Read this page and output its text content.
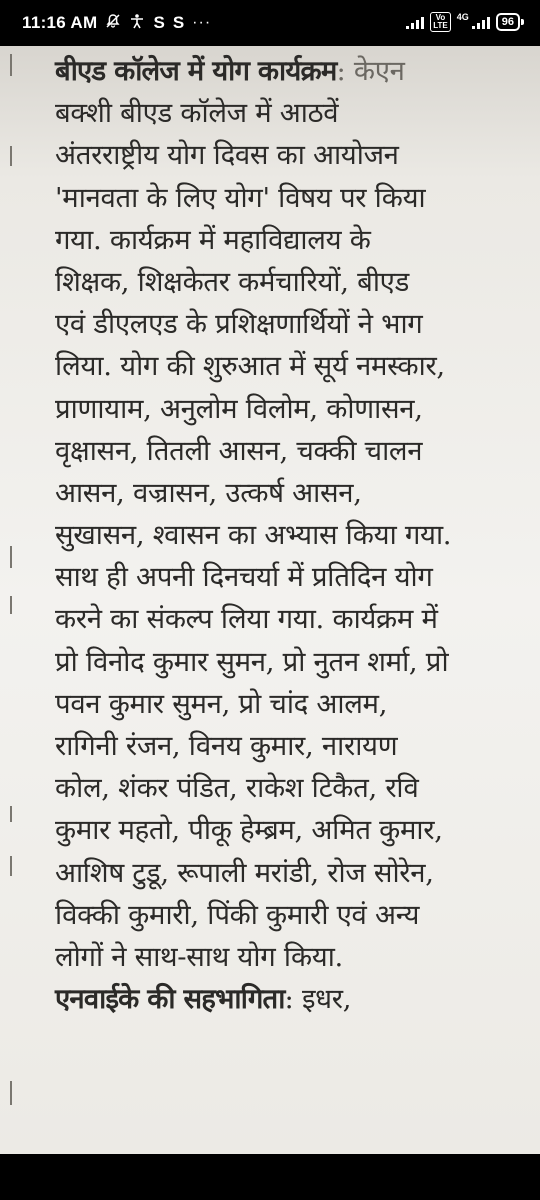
11:16 AM	S S ···	Vo
LTE
4G	96
बीएड कॉलेज में योग कार्यक्रम: केएन
बक्शी बीएड कॉलेज में आठवें
अंतरराष्ट्रीय योग दिवस का आयोजन
'मानवता के लिए योग' विषय पर किया
गया. कार्यक्रम में महाविद्यालय के
शिक्षक, शिक्षकेतर कर्मचारियों, बीएड
एवं डीएलएड के प्रशिक्षणार्थियों ने भाग
लिया. योग की शुरुआत में सूर्य नमस्कार,
प्राणायाम, अनुलोम विलोम, कोणासन,
वृक्षासन, तितली आसन, चक्की चालन
आसन, वज्रासन, उत्कर्ष आसन,
सुखासन, श्वासन का अभ्यास किया गया.
साथ ही अपनी दिनचर्या में प्रतिदिन योग
करने का संकल्प लिया गया. कार्यक्रम में
प्रो विनोद कुमार सुमन, प्रो नुतन शर्मा, प्रो
पवन कुमार सुमन, प्रो चांद आलम,
रागिनी रंजन, विनय कुमार, नारायण
कोल, शंकर पंडित, राकेश टिकैत, रवि
कुमार महतो, पीकू हेम्ब्रम, अमित कुमार,
आशिष टुडू, रूपाली मरांडी, रोज सोरेन,
विक्की कुमारी, पिंकी कुमारी एवं अन्य
लोगों ने साथ-साथ योग किया.
एनवाईके की सहभागिता: इधर,
